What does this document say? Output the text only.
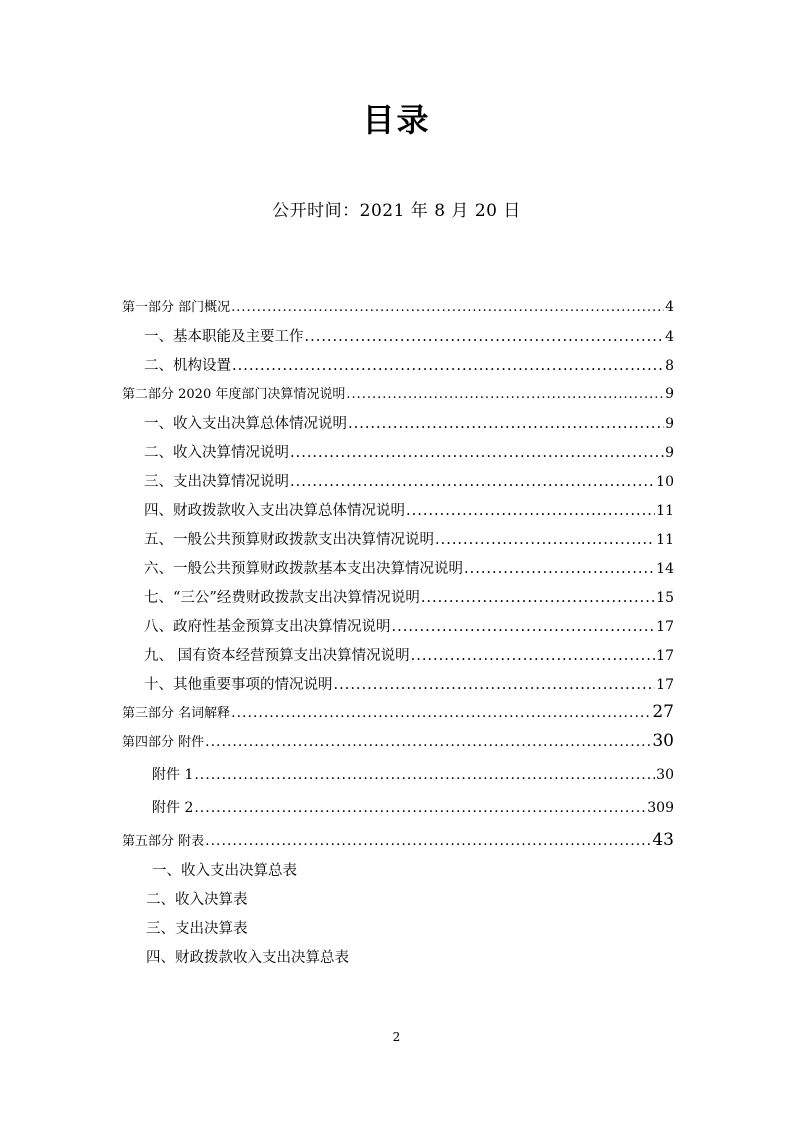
目录
公开时间：2021 年 8 月 20 日
第一部分 部门概况 .....	4
一、基本职能及主要工作 .....	4
二、机构设置 .....	8
第二部分 2020 年度部门决算情况说明 .....	9
一、收入支出决算总体情况说明 .....	9
二、收入决算情况说明 .....	9
三、支出决算情况说明 .....	10
四、财政拨款收入支出决算总体情况说明 .....	11
五、一般公共预算财政拨款支出决算情况说明 .....	11
六、一般公共预算财政拨款基本支出决算情况说明 .....	14
七、“三公”经费财政拨款支出决算情况说明 .....	15
八、政府性基金预算支出决算情况说明 .....	17
九、 国有资本经营预算支出决算情况说明 .....	17
十、其他重要事项的情况说明 .....	17
第三部分 名词解释 .....	27
第四部分 附件 .....	30
附件 1 .....	30
附件 2 .....	309
第五部分 附表 .....	43
一、收入支出决算总表
二、收入决算表
三、支出决算表
四、财政拨款收入支出决算总表
2
